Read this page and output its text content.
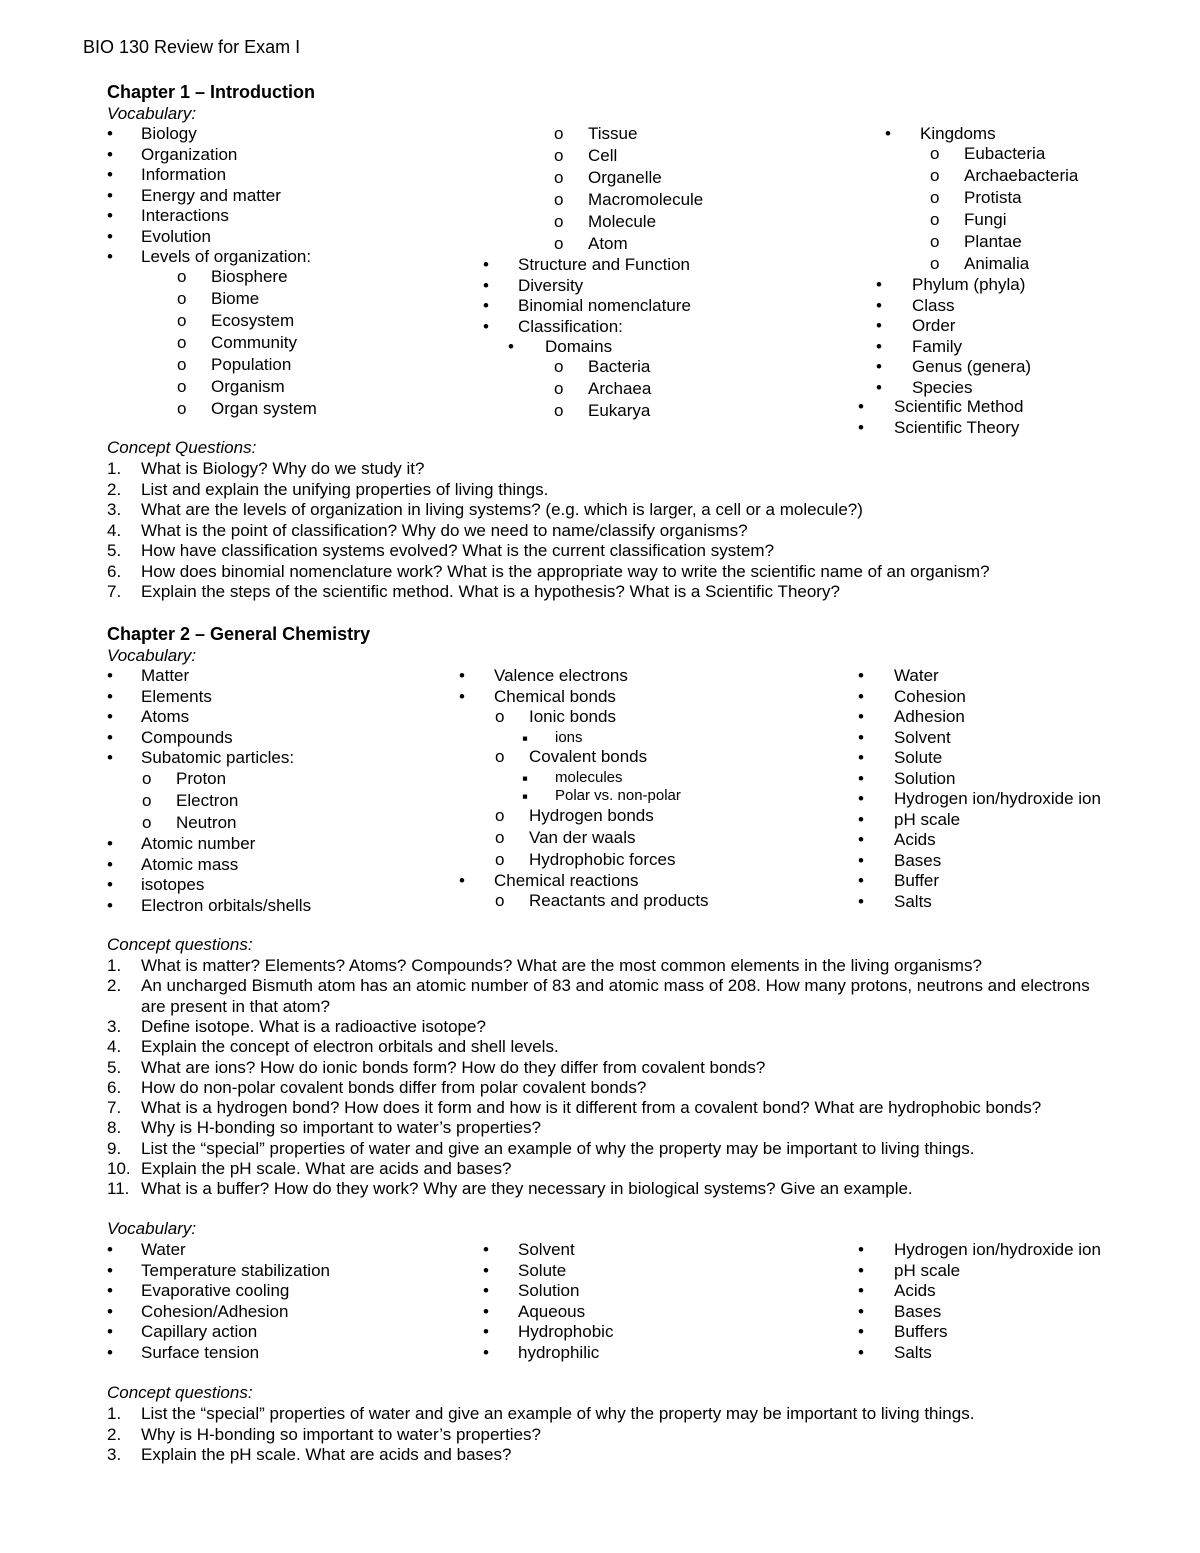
BIO 130 Review for Exam I
Chapter 1 – Introduction
Vocabulary:
Concept Questions:
Chapter 2 – General Chemistry
Vocabulary:
Concept questions:
Vocabulary:
Concept questions:
• Biology
• Organization
• Information
• Energy and matter
• Interactions
• Evolution
• Levels of organization:
o Biosphere
o Biome
o Ecosystem
o Community
o Population
o Organism
o Organ system
o Tissue
o Cell
o Organelle
o Macromolecule
o Molecule
o Atom
• Structure and Function
• Diversity
• Binomial nomenclature
• Classification:
• Domains
o Bacteria
o Archaea
o Eukarya
• Kingdoms
o Eubacteria
o Archaebacteria
o Protista
o Fungi
o Plantae
o Animalia
• Phylum (phyla)
• Class
• Order
• Family
• Genus (genera)
• Species
• Scientific Method
• Scientific Theory
1. What is Biology? Why do we study it?
2. List and explain the unifying properties of living things.
3. What are the levels of organization in living systems? (e.g. which is larger, a cell or a molecule?)
4. What is the point of classification? Why do we need to name/classify organisms?
5. How have classification systems evolved? What is the current classification system?
6. How does binomial nomenclature work? What is the appropriate way to write the scientific name of an organism?
7. Explain the steps of the scientific method. What is a hypothesis? What is a Scientific Theory?
• Matter
• Elements
• Atoms
• Compounds
• Subatomic particles:
o Proton
o Electron
o Neutron
• Atomic number
• Atomic mass
• isotopes
• Electron orbitals/shells
• Valence electrons
• Chemical bonds
o Ionic bonds
▪ ions
o Covalent bonds
▪ molecules
▪ Polar vs. non-polar
o Hydrogen bonds
o Van der waals
o Hydrophobic forces
• Chemical reactions
o Reactants and products
• Water
• Cohesion
• Adhesion
• Solvent
• Solute
• Solution
• Hydrogen ion/hydroxide ion
• pH scale
• Acids
• Bases
• Buffer
• Salts
1. What is matter? Elements? Atoms? Compounds? What are the most common elements in the living organisms?
2. An uncharged Bismuth atom has an atomic number of 83 and atomic mass of 208. How many protons, neutrons and electrons
are present in that atom?
3. Define isotope. What is a radioactive isotope?
4. Explain the concept of electron orbitals and shell levels.
5. What are ions? How do ionic bonds form? How do they differ from covalent bonds?
6. How do non-polar covalent bonds differ from polar covalent bonds?
7. What is a hydrogen bond? How does it form and how is it different from a covalent bond? What are hydrophobic bonds?
8. Why is H-bonding so important to water’s properties?
9. List the “special” properties of water and give an example of why the property may be important to living things.
10. Explain the pH scale. What are acids and bases?
11. What is a buffer? How do they work? Why are they necessary in biological systems? Give an example.
• Water
• Temperature stabilization
• Evaporative cooling
• Cohesion/Adhesion
• Capillary action
• Surface tension
• Solvent
• Solute
• Solution
• Aqueous
• Hydrophobic
• hydrophilic
• Hydrogen ion/hydroxide ion
• pH scale
• Acids
• Bases
• Buffers
• Salts
1. List the “special” properties of water and give an example of why the property may be important to living things.
2. Why is H-bonding so important to water’s properties?
3. Explain the pH scale. What are acids and bases?
